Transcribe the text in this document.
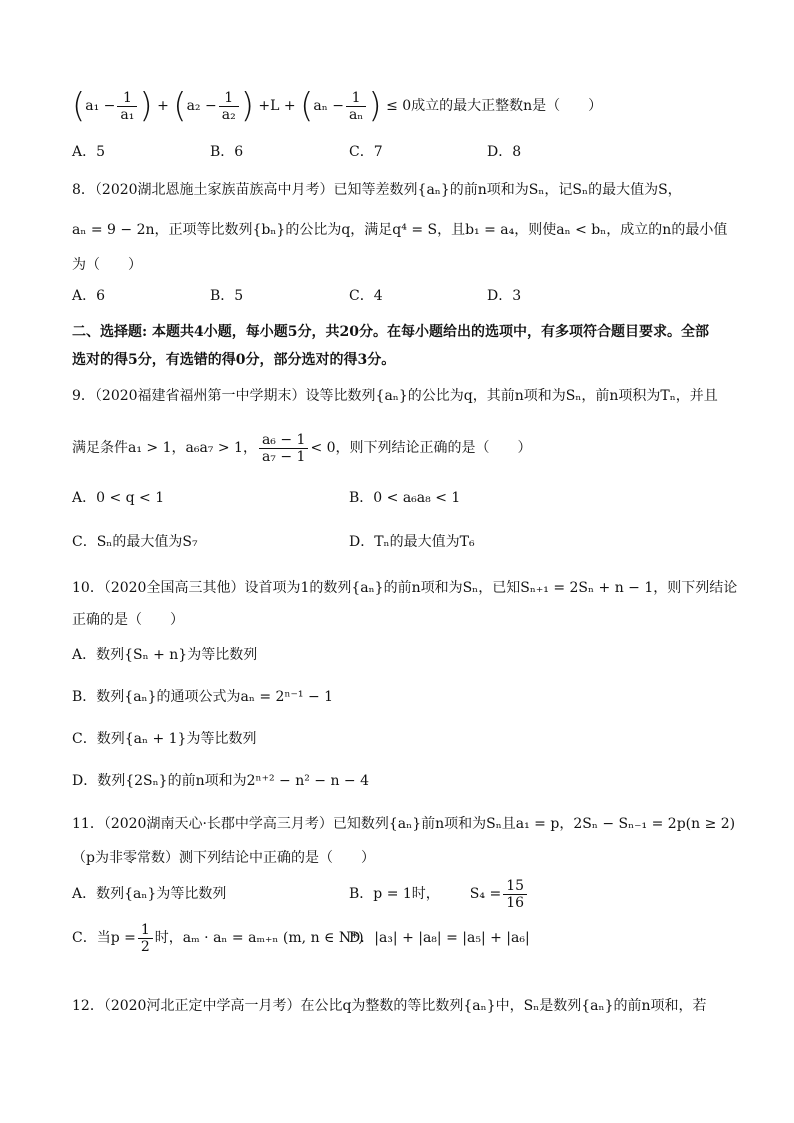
($a_1 - \frac{1}{\text{a₁}}$ ) + ($a_2 - \frac{1}{\text{a₂}}$ ) $+L + (a_n - \frac{1}{\text{aₙ}}$ ) ≤ 0成立的最大正整数n是（　　）
A．5	B．6	C．7	D．8
8．（2020湖北恩施土家族苗族高中月考）已知等差数列{aₙ}的前n项和为Sₙ，记Sₙ的最大值为S，
aₙ = 9 − 2n，正项等比数列{bₙ}的公比为q，满足q⁴ = S，且b₁ = a₄，则使aₙ < bₙ，成立的n的最小值
为（　　）
A．6	B．5	C．4	D．3
二、选择题: 本题共4小题，每小题5分，共20分。在每小题给出的选项中，有多项符合题目要求。全部
选对的得5分，有选错的得0分，部分选对的得3分。
9．（2020福建省福州第一中学期末）设等比数列{aₙ}的公比为q，其前n项和为Sₙ，前n项积为Tₙ，并且
满足条件a₁ > 1，a₆a₇ > 1， $\frac{\text{a₆ − 1}}{\text{a₇ − 1}} < 0$，则下列结论正确的是（　　）
A．0 < q < 1	B．0 < a₆a₈ < 1
C．Sₙ的最大值为S₇	D．Tₙ的最大值为T₆
10．（2020全国高三其他）设首项为1的数列{aₙ}的前n项和为Sₙ，已知Sₙ₊₁ = 2Sₙ + n − 1，则下列结论
正确的是（　　）
A．数列{Sₙ + n}为等比数列
B．数列{aₙ}的通项公式为aₙ = 2ⁿ⁻¹ − 1
C．数列{aₙ + 1}为等比数列
D．数列{2Sₙ}的前n项和为2ⁿ⁺² − n² − n − 4
11．（2020湖南天心·长郡中学高三月考）已知数列{aₙ}前n项和为Sₙ且a₁ = p，2Sₙ − Sₙ₋₁ = 2p(n ≥ 2)
（p为非零常数）测下列结论中正确的是（　　）
A．数列{aₙ}为等比数列	B．p = 1时， $S_4 = \frac{15}{16}$
C．当$p = \frac{1}{2}$ 时，aₘ · aₙ = aₘ₊ₙ (m, n ∈ N*)
D．|a₃| + |a₈| = |a₅| + |a₆|
12．（2020河北正定中学高一月考）在公比q为整数的等比数列{aₙ}中，Sₙ是数列{aₙ}的前n项和，若
